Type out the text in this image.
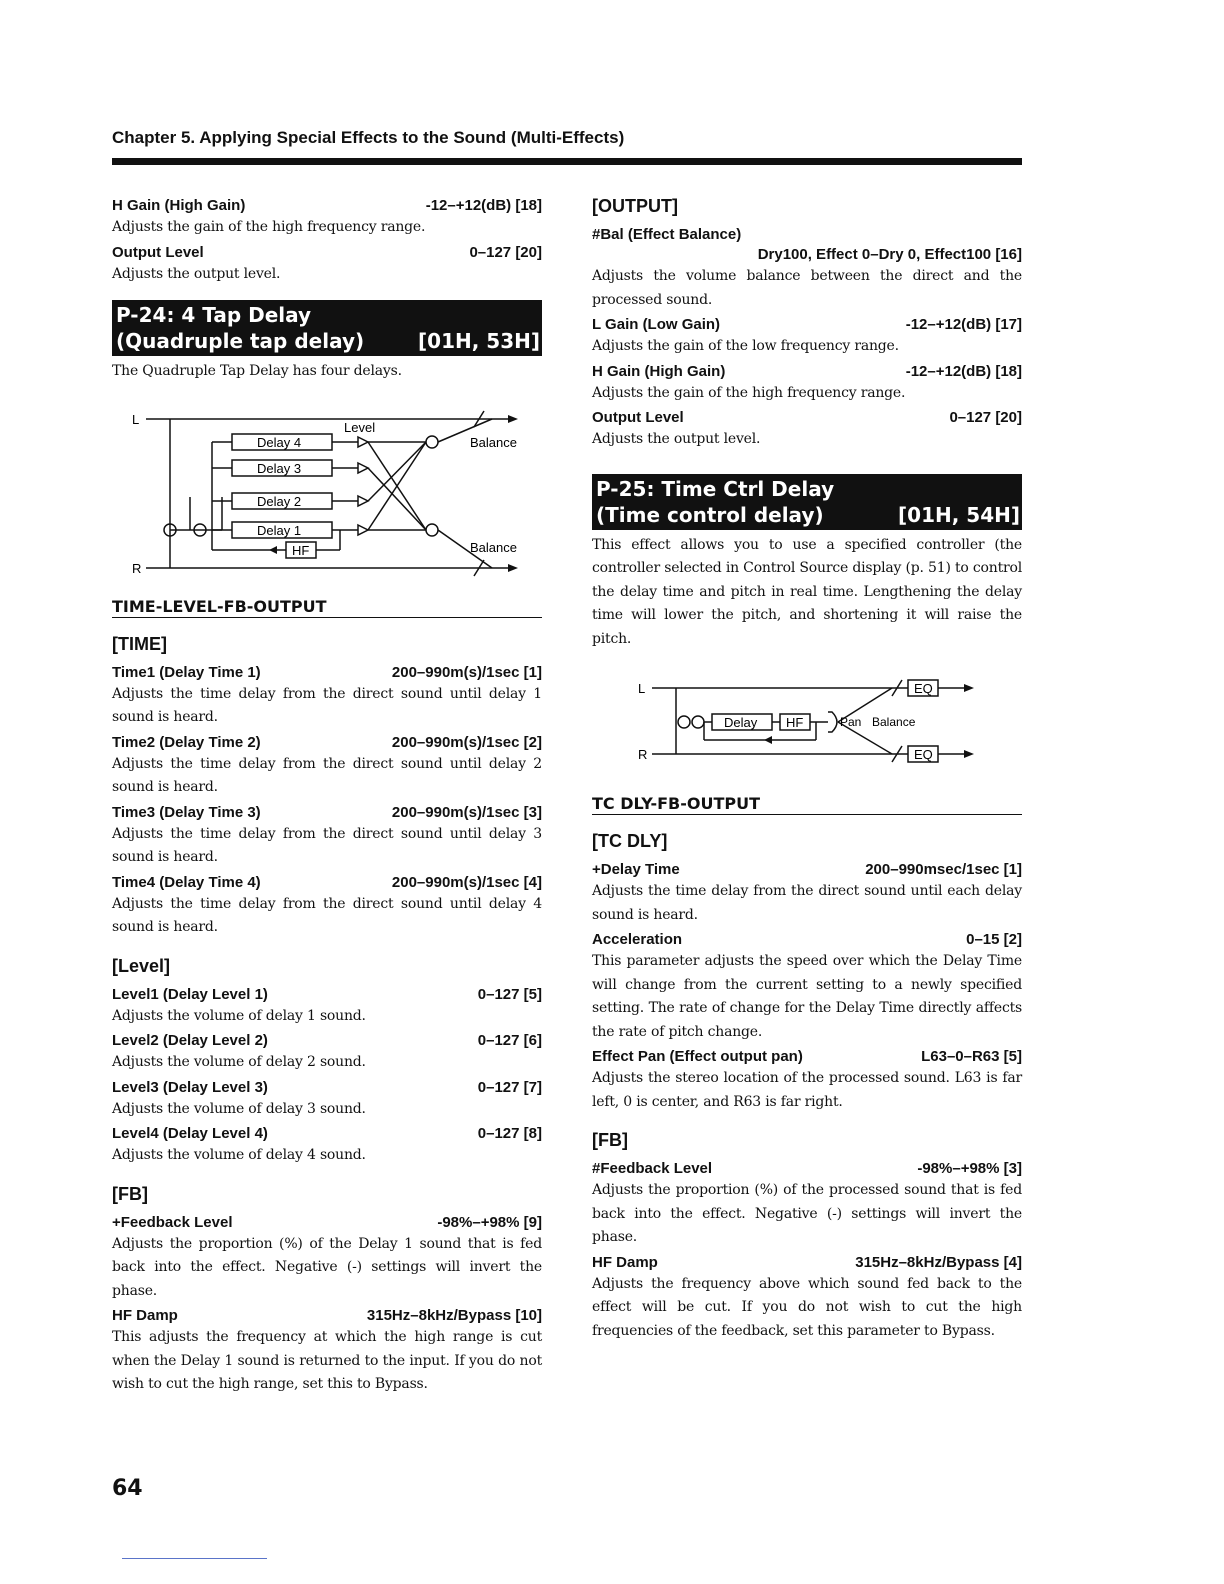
Chapter 5. Applying Special Effects to the Sound (Multi-Effects)
H Gain (High Gain)	-12–+12(dB) [18]
Adjusts the gain of the high frequency range.
Output Level	0–127 [20]
Adjusts the output level.
P-24: 4 Tap Delay
(Quadruple tap delay)	[01H, 53H]
The Quadruple Tap Delay has four delays.
L
R
Level
Balance
Balance
Delay 4
Delay 3
Delay 2
Delay 1
HF
TIME-LEVEL-FB-OUTPUT
[TIME]
Time1 (Delay Time 1)	200–990m(s)/1sec [1]
Adjusts the time delay from the direct sound until delay 1 sound is heard.
Time2 (Delay Time 2)	200–990m(s)/1sec [2]
Adjusts the time delay from the direct sound until delay 2 sound is heard.
Time3 (Delay Time 3)	200–990m(s)/1sec [3]
Adjusts the time delay from the direct sound until delay 3 sound is heard.
Time4 (Delay Time 4)	200–990m(s)/1sec [4]
Adjusts the time delay from the direct sound until delay 4 sound is heard.
[Level]
Level1 (Delay Level 1)	0–127 [5]
Adjusts the volume of delay 1 sound.
Level2 (Delay Level 2)	0–127 [6]
Adjusts the volume of delay 2 sound.
Level3 (Delay Level 3)	0–127 [7]
Adjusts the volume of delay 3 sound.
Level4 (Delay Level 4)	0–127 [8]
Adjusts the volume of delay 4 sound.
[FB]
+Feedback Level	-98%–+98% [9]
Adjusts the proportion (%) of the Delay 1 sound that is fed back into the effect. Negative (-) settings will invert the phase.
HF Damp	315Hz–8kHz/Bypass [10]
This adjusts the frequency at which the high range is cut when the Delay 1 sound is returned to the input. If you do not wish to cut the high range, set this to Bypass.
[OUTPUT]
#Bal (Effect Balance)
Dry100, Effect 0–Dry 0, Effect100 [16]
Adjusts the volume balance between the direct and the processed sound.
L Gain (Low Gain)	-12–+12(dB) [17]
Adjusts the gain of the low frequency range.
H Gain (High Gain)	-12–+12(dB) [18]
Adjusts the gain of the high frequency range.
Output Level	0–127 [20]
Adjusts the output level.
P-25: Time Ctrl Delay
(Time control delay)	[01H, 54H]
This effect allows you to use a specified controller (the controller selected in Control Source display (p. 51) to control the delay time and pitch in real time. Lengthening the delay time will lower the pitch, and shortening it will raise the pitch.
L
R
Delay HF	Pan Balance
EQ
EQ
TC DLY-FB-OUTPUT
[TC DLY]
+Delay Time	200–990msec/1sec [1]
Adjusts the time delay from the direct sound until each delay sound is heard.
Acceleration	0–15 [2]
This parameter adjusts the speed over which the Delay Time will change from the current setting to a newly specified setting. The rate of change for the Delay Time directly affects the rate of pitch change.
Effect Pan (Effect output pan)	L63–0–R63 [5]
Adjusts the stereo location of the processed sound. L63 is far left, 0 is center, and R63 is far right.
[FB]
#Feedback Level	-98%–+98% [3]
Adjusts the proportion (%) of the processed sound that is fed back into the effect. Negative (-) settings will invert the phase.
HF Damp	315Hz–8kHz/Bypass [4]
Adjusts the frequency above which sound fed back to the effect will be cut. If you do not wish to cut the high frequencies of the feedback, set this parameter to Bypass.
64
